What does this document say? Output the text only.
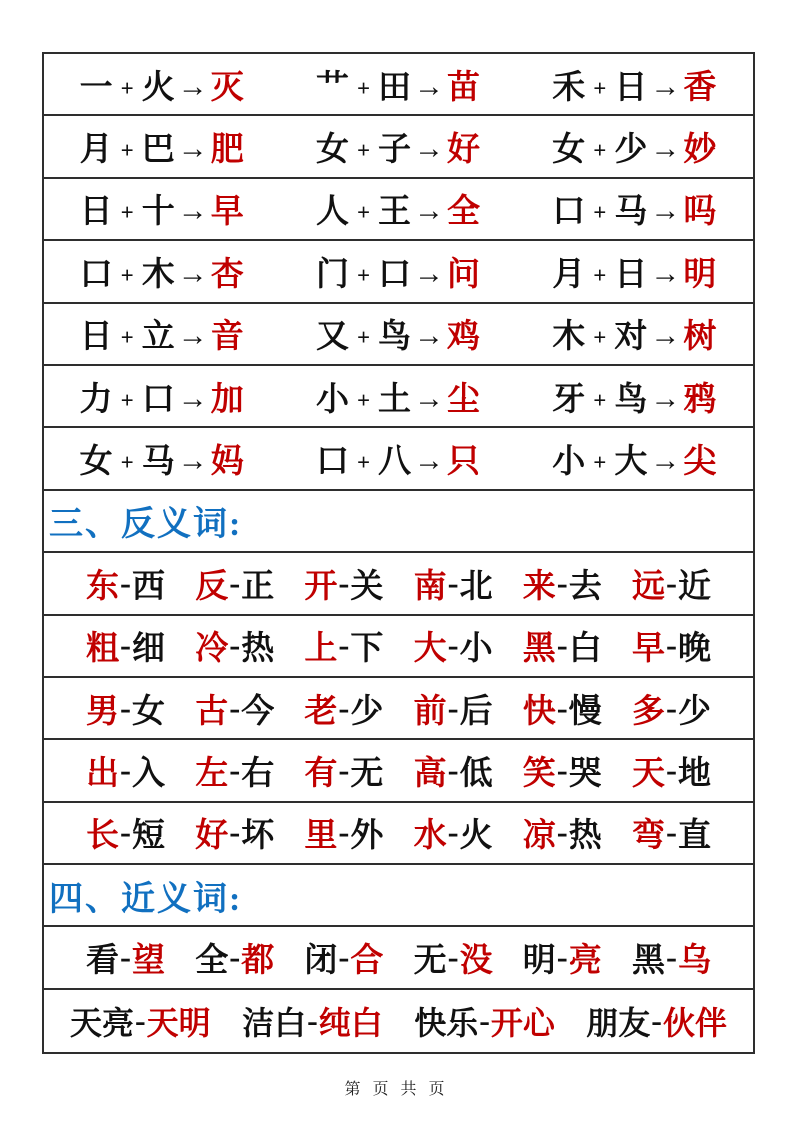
一 + 火→灭	艹 + 田→苗	禾 + 日→香
月 + 巴→肥	女 + 子→好	女 + 少→妙
日 + 十→早	人 + 王→全	口 + 马→吗
口 + 木→杏	门 + 口→问	月 + 日→明
日 + 立→音	又 + 鸟→鸡	木 + 对→树
力 + 口→加	小 + 土→尘	牙 + 鸟→鸦
女 + 马→妈	口 + 八→只	小 + 大→尖
三、反义词:
东-西 反-正 开-关 南-北 来-去 远-近
粗-细 冷-热 上-下 大-小 黑-白 早-晚
男-女 古-今 老-少 前-后 快-慢 多-少
出-入 左-右 有-无 高-低 笑-哭 天-地
长-短 好-坏 里-外 水-火 凉-热 弯-直
四、近义词:
看-望 全-都 闭-合 无-没 明-亮 黑-乌
天亮-天明 洁白-纯白 快乐-开心 朋友-伙伴
第 页 共 页
